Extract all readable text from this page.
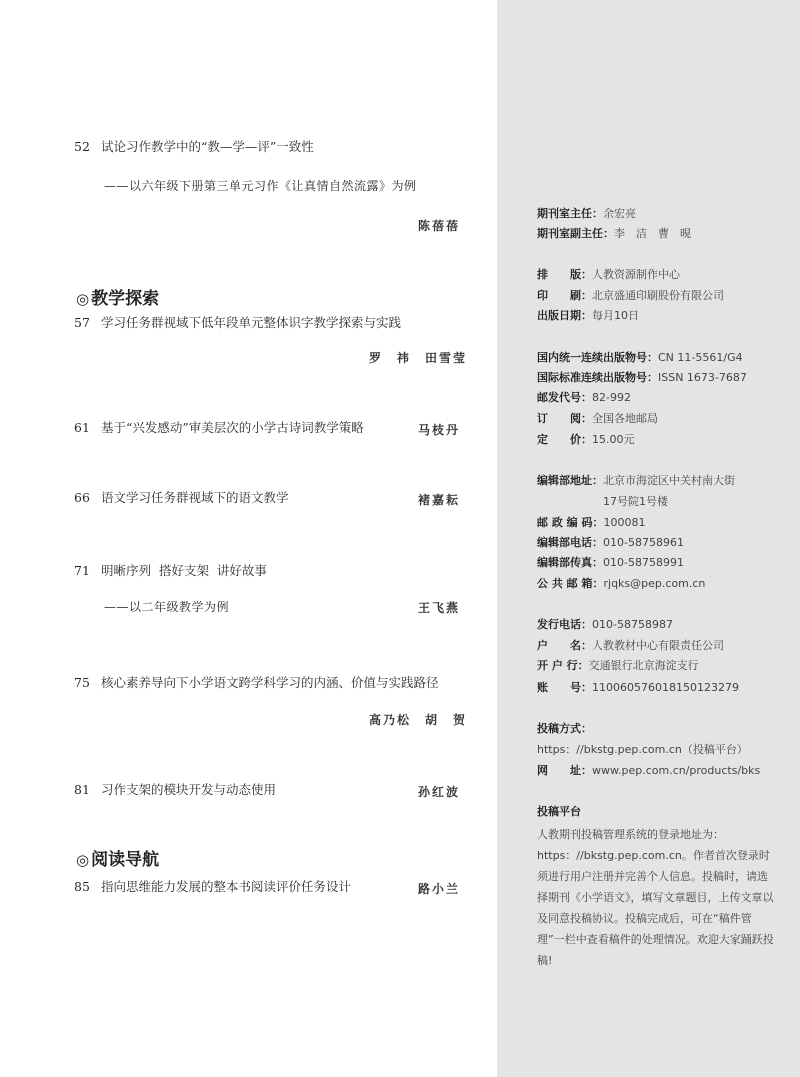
52 试论习作教学中的“教—学—评”一致性
——以六年级下册第三单元习作《让真情自然流露》为例
陈蓓蓓
◎ 教学探索
57 学习任务群视域下低年段单元整体识字教学探索与实践
罗　祎　田雪莹
61 基于“兴发感动”审美层次的小学古诗词教学策略	马枝丹
66 语文学习任务群视域下的语文教学	褚嘉耘
71 明晰序列  搭好支架  讲好故事
——以二年级教学为例	王飞燕
75 核心素养导向下小学语文跨学科学习的内涵、价值与实践路径
高乃松　胡　贺
81 习作支架的模块开发与动态使用	孙红波
◎ 阅读导航
85 指向思维能力发展的整本书阅读评价任务设计	路小兰
期刊室主任：余宏亮
期刊室副主任：李　洁　曹　晛
排　　版：人教资源制作中心
印　　刷：北京盛通印刷股份有限公司
出版日期：每月10日
国内统一连续出版物号：CN 11-5561/G4
国际标准连续出版物号：ISSN 1673-7687
邮发代号：82-992
订　　阅：全国各地邮局
定　　价：15.00元
编辑部地址：北京市海淀区中关村南大街
17号院1号楼
邮 政 编 码：100081
编辑部电话：010-58758961
编辑部传真：010-58758991
公 共 邮 箱：rjqks@pep.com.cn
发行电话：010-58758987
户　　名：人教教材中心有限责任公司
开 户 行：交通银行北京海淀支行
账　　号：110060576018150123279
投稿方式：
https：//bkstg.pep.com.cn（投稿平台）
网　　址：www.pep.com.cn/products/bks
投稿平台
人教期刊投稿管理系统的登录地址为：https：//bkstg.pep.com.cn。作者首次登录时须进行用户注册并完善个人信息。投稿时，请选择期刊《小学语文》，填写文章题目，上传文章以及同意投稿协议。投稿完成后，可在“稿件管理”一栏中查看稿件的处理情况。欢迎大家踊跃投稿!
